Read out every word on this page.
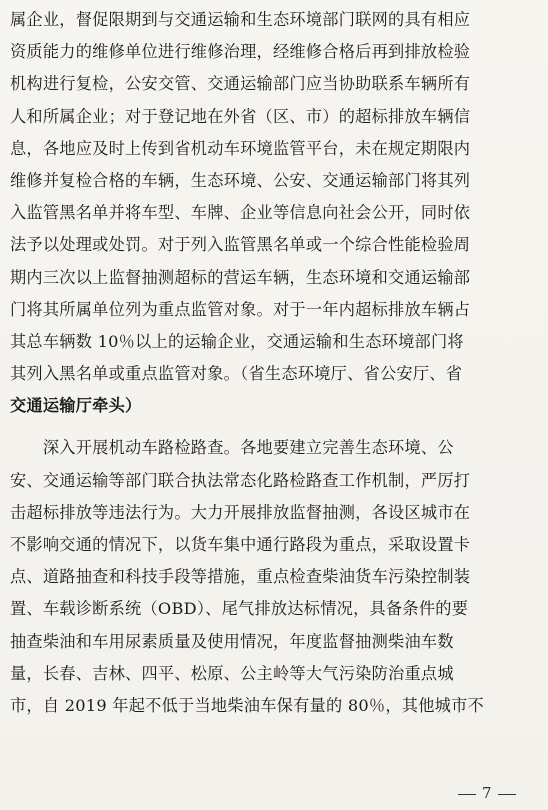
属企业，督促限期到与交通运输和生态环境部门联网的具有相应
资质能力的维修单位进行维修治理，经维修合格后再到排放检验
机构进行复检，公安交管、交通运输部门应当协助联系车辆所有
人和所属企业；对于登记地在外省（区、市）的超标排放车辆信
息，各地应及时上传到省机动车环境监管平台，未在规定期限内
维修并复检合格的车辆，生态环境、公安、交通运输部门将其列
入监管黑名单并将车型、车牌、企业等信息向社会公开，同时依
法予以处理或处罚。对于列入监管黑名单或一个综合性能检验周
期内三次以上监督抽测超标的营运车辆，生态环境和交通运输部
门将其所属单位列为重点监管对象。对于一年内超标排放车辆占
其总车辆数 10％以上的运输企业，交通运输和生态环境部门将
其列入黑名单或重点监管对象。（省生态环境厅、省公安厅、省
交通运输厅牵头）
　　深入开展机动车路检路查。各地要建立完善生态环境、公
安、交通运输等部门联合执法常态化路检路查工作机制，严厉打
击超标排放等违法行为。大力开展排放监督抽测，各设区城市在
不影响交通的情况下，以货车集中通行路段为重点，采取设置卡
点、道路抽查和科技手段等措施，重点检查柴油货车污染控制装
置、车载诊断系统（OBD）、尾气排放达标情况，具备条件的要
抽查柴油和车用尿素质量及使用情况，年度监督抽测柴油车数
量，长春、吉林、四平、松原、公主岭等大气污染防治重点城
市，自 2019 年起不低于当地柴油车保有量的 80％，其他城市不
7
